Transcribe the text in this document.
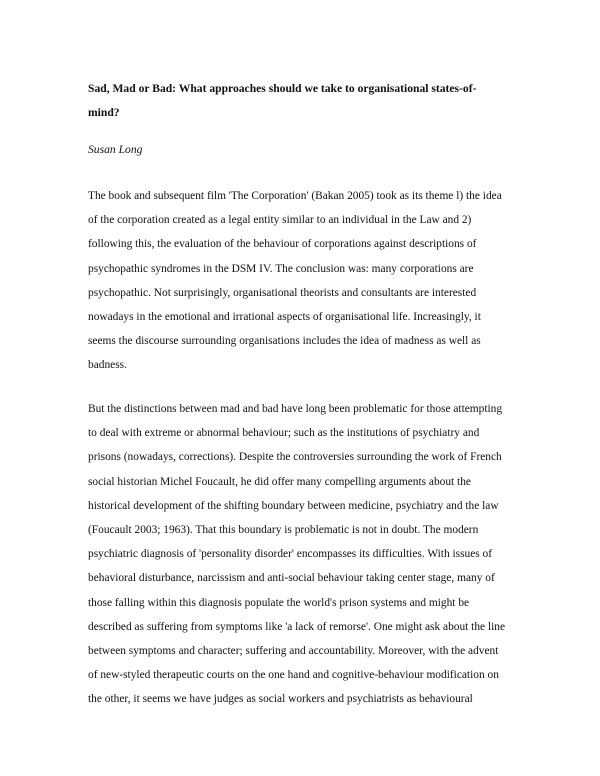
Sad, Mad or Bad: What approaches should we take to organisational states-of-
mind?

Susan Long

The book and subsequent film 'The Corporation' (Bakan 2005) took as its theme l) the idea
of the corporation created as a legal entity similar to an individual in the Law and 2)
following this, the evaluation of the behaviour of corporations against descriptions of
psychopathic syndromes in the DSM IV. The conclusion was: many corporations are
psychopathic. Not surprisingly, organisational theorists and consultants are interested
nowadays in the emotional and irrational aspects of organisational life. Increasingly, it
seems the discourse surrounding organisations includes the idea of madness as well as
badness.

But the distinctions between mad and bad have long been problematic for those attempting
to deal with extreme or abnormal behaviour; such as the institutions of psychiatry and
prisons (nowadays, corrections). Despite the controversies surrounding the work of French
social historian Michel Foucault, he did offer many compelling arguments about the
historical development of the shifting boundary between medicine, psychiatry and the law
(Foucault 2003; 1963). That this boundary is problematic is not in doubt. The modern
psychiatric diagnosis of 'personality disorder' encompasses its difficulties. With issues of
behavioral disturbance, narcissism and anti-social behaviour taking center stage, many of
those falling within this diagnosis populate the world's prison systems and might be
described as suffering from symptoms like 'a lack of remorse'. One might ask about the line
between symptoms and character; suffering and accountability. Moreover, with the advent
of new-styled therapeutic courts on the one hand and cognitive-behaviour modification on
the other, it seems we have judges as social workers and psychiatrists as behavioural
